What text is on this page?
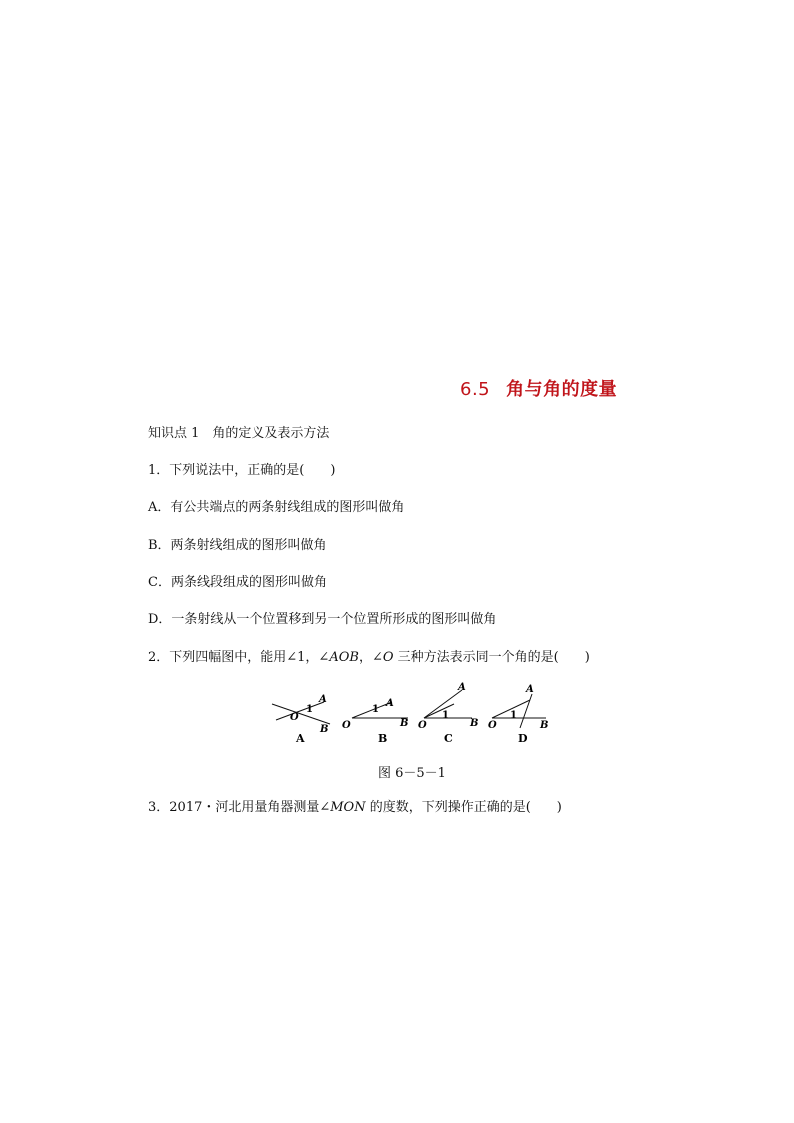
6.5 角与角的度量
知识点 1　角的定义及表示方法
1．下列说法中，正确的是(　　)
A．有公共端点的两条射线组成的图形叫做角
B．两条射线组成的图形叫做角
C．两条线段组成的图形叫做角
D．一条射线从一个位置移到另一个位置所形成的图形叫做角
2．下列四幅图中，能用∠1，∠AOB，∠O 三种方法表示同一个角的是(　　)
A
O
1
B
A
O
A
1
B
B
O
A
1
B
C
O
A
1
B
D
图 6－5－1
3．2017・河北用量角器测量∠MON 的度数，下列操作正确的是(　　)
